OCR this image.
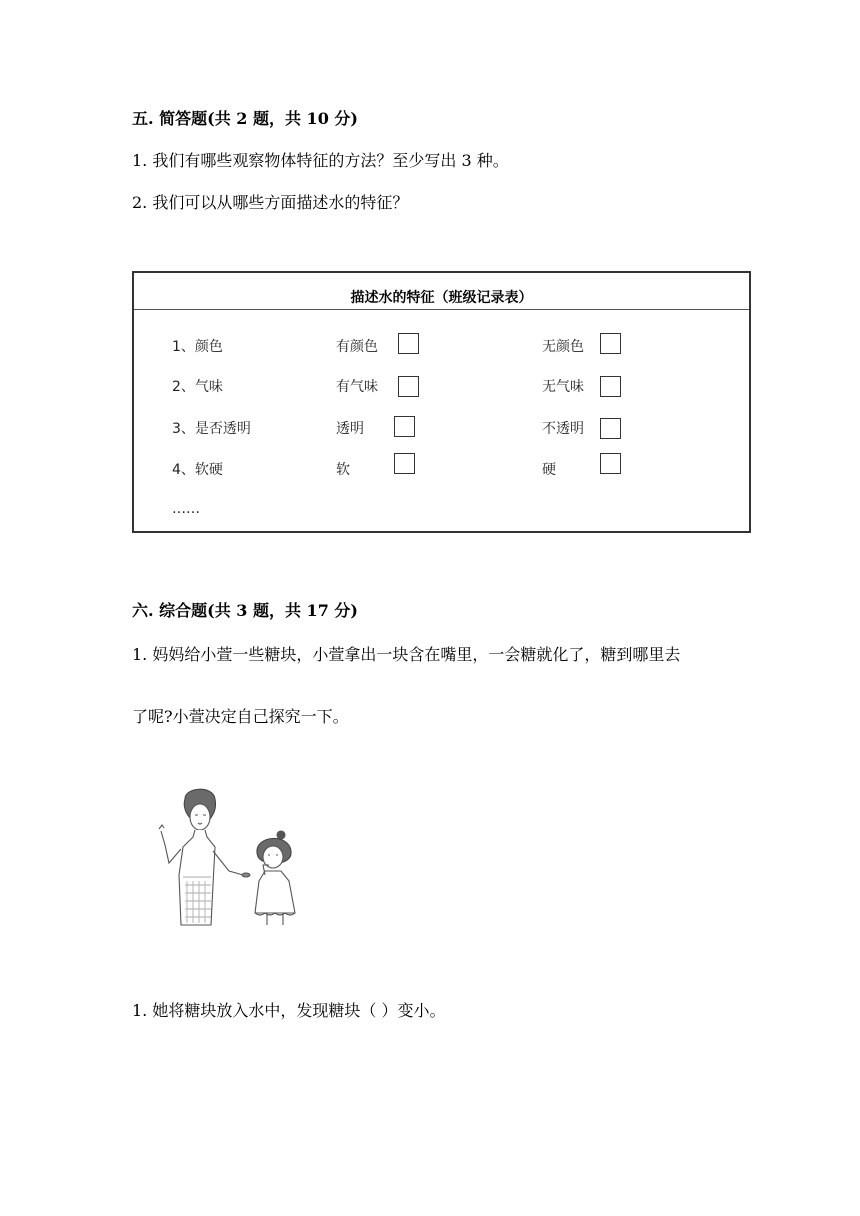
五. 简答题(共 2 题，共 10 分)
1. 我们有哪些观察物体特征的方法？至少写出 3 种。
2. 我们可以从哪些方面描述水的特征？
描述水的特征（班级记录表）
1、颜色	有颜色	无颜色
2、气味	有气味	无气味
3、是否透明	透明	不透明
4、软硬	软	硬
……
六. 综合题(共 3 题，共 17 分)
1. 妈妈给小萱一些糖块，小萱拿出一块含在嘴里，一会糖就化了，糖到哪里去
了呢?小萱决定自己探究一下。
1. 她将糖块放入水中，发现糖块（ ）变小。
